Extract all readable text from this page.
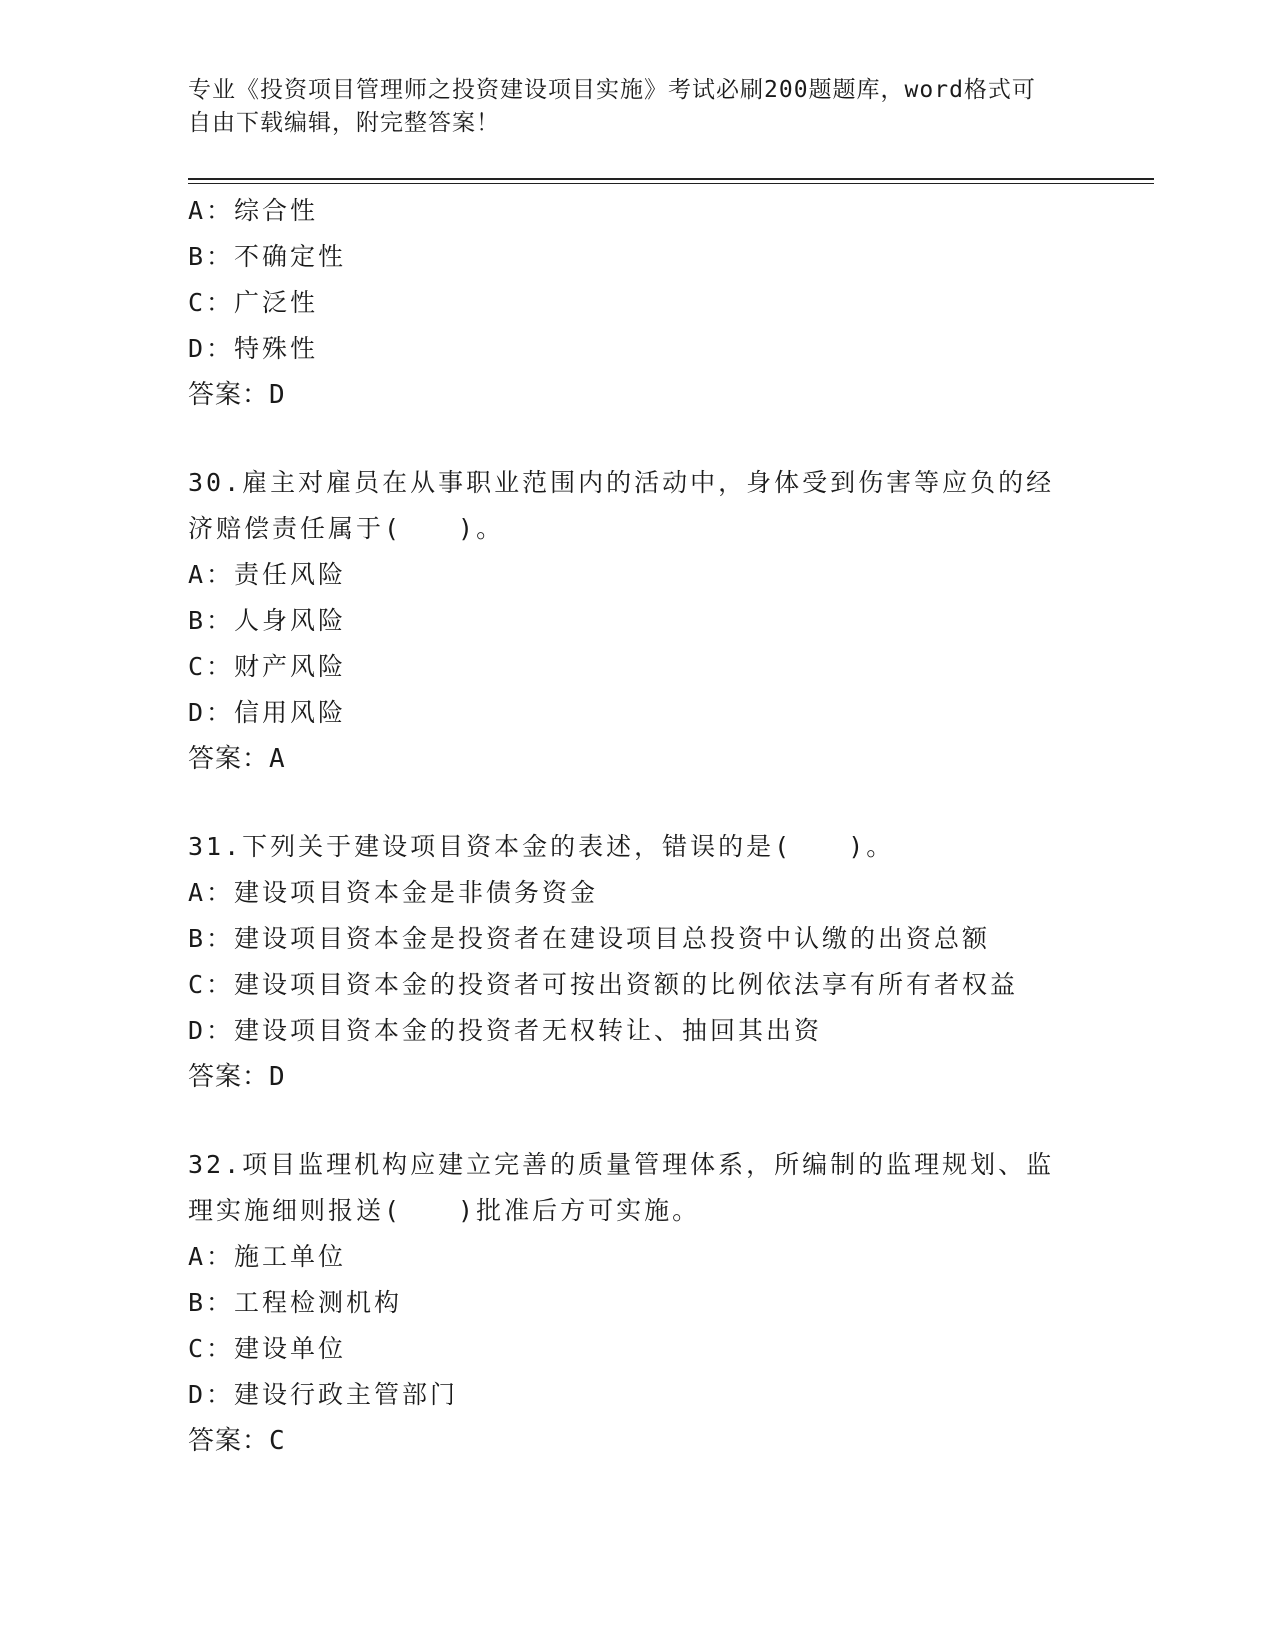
专业《投资项目管理师之投资建设项目实施》考试必刷200题题库，word格式可
自由下载编辑，附完整答案！
A：综合性
B：不确定性
C：广泛性
D：特殊性
答案：D
30.雇主对雇员在从事职业范围内的活动中，身体受到伤害等应负的经
济赔偿责任属于(　　)。
A：责任风险
B：人身风险
C：财产风险
D：信用风险
答案：A
31.下列关于建设项目资本金的表述，错误的是(　　)。
A：建设项目资本金是非债务资金
B：建设项目资本金是投资者在建设项目总投资中认缴的出资总额
C：建设项目资本金的投资者可按出资额的比例依法享有所有者权益
D：建设项目资本金的投资者无权转让、抽回其出资
答案：D
32.项目监理机构应建立完善的质量管理体系，所编制的监理规划、监
理实施细则报送(　　)批准后方可实施。
A：施工单位
B：工程检测机构
C：建设单位
D：建设行政主管部门
答案：C
